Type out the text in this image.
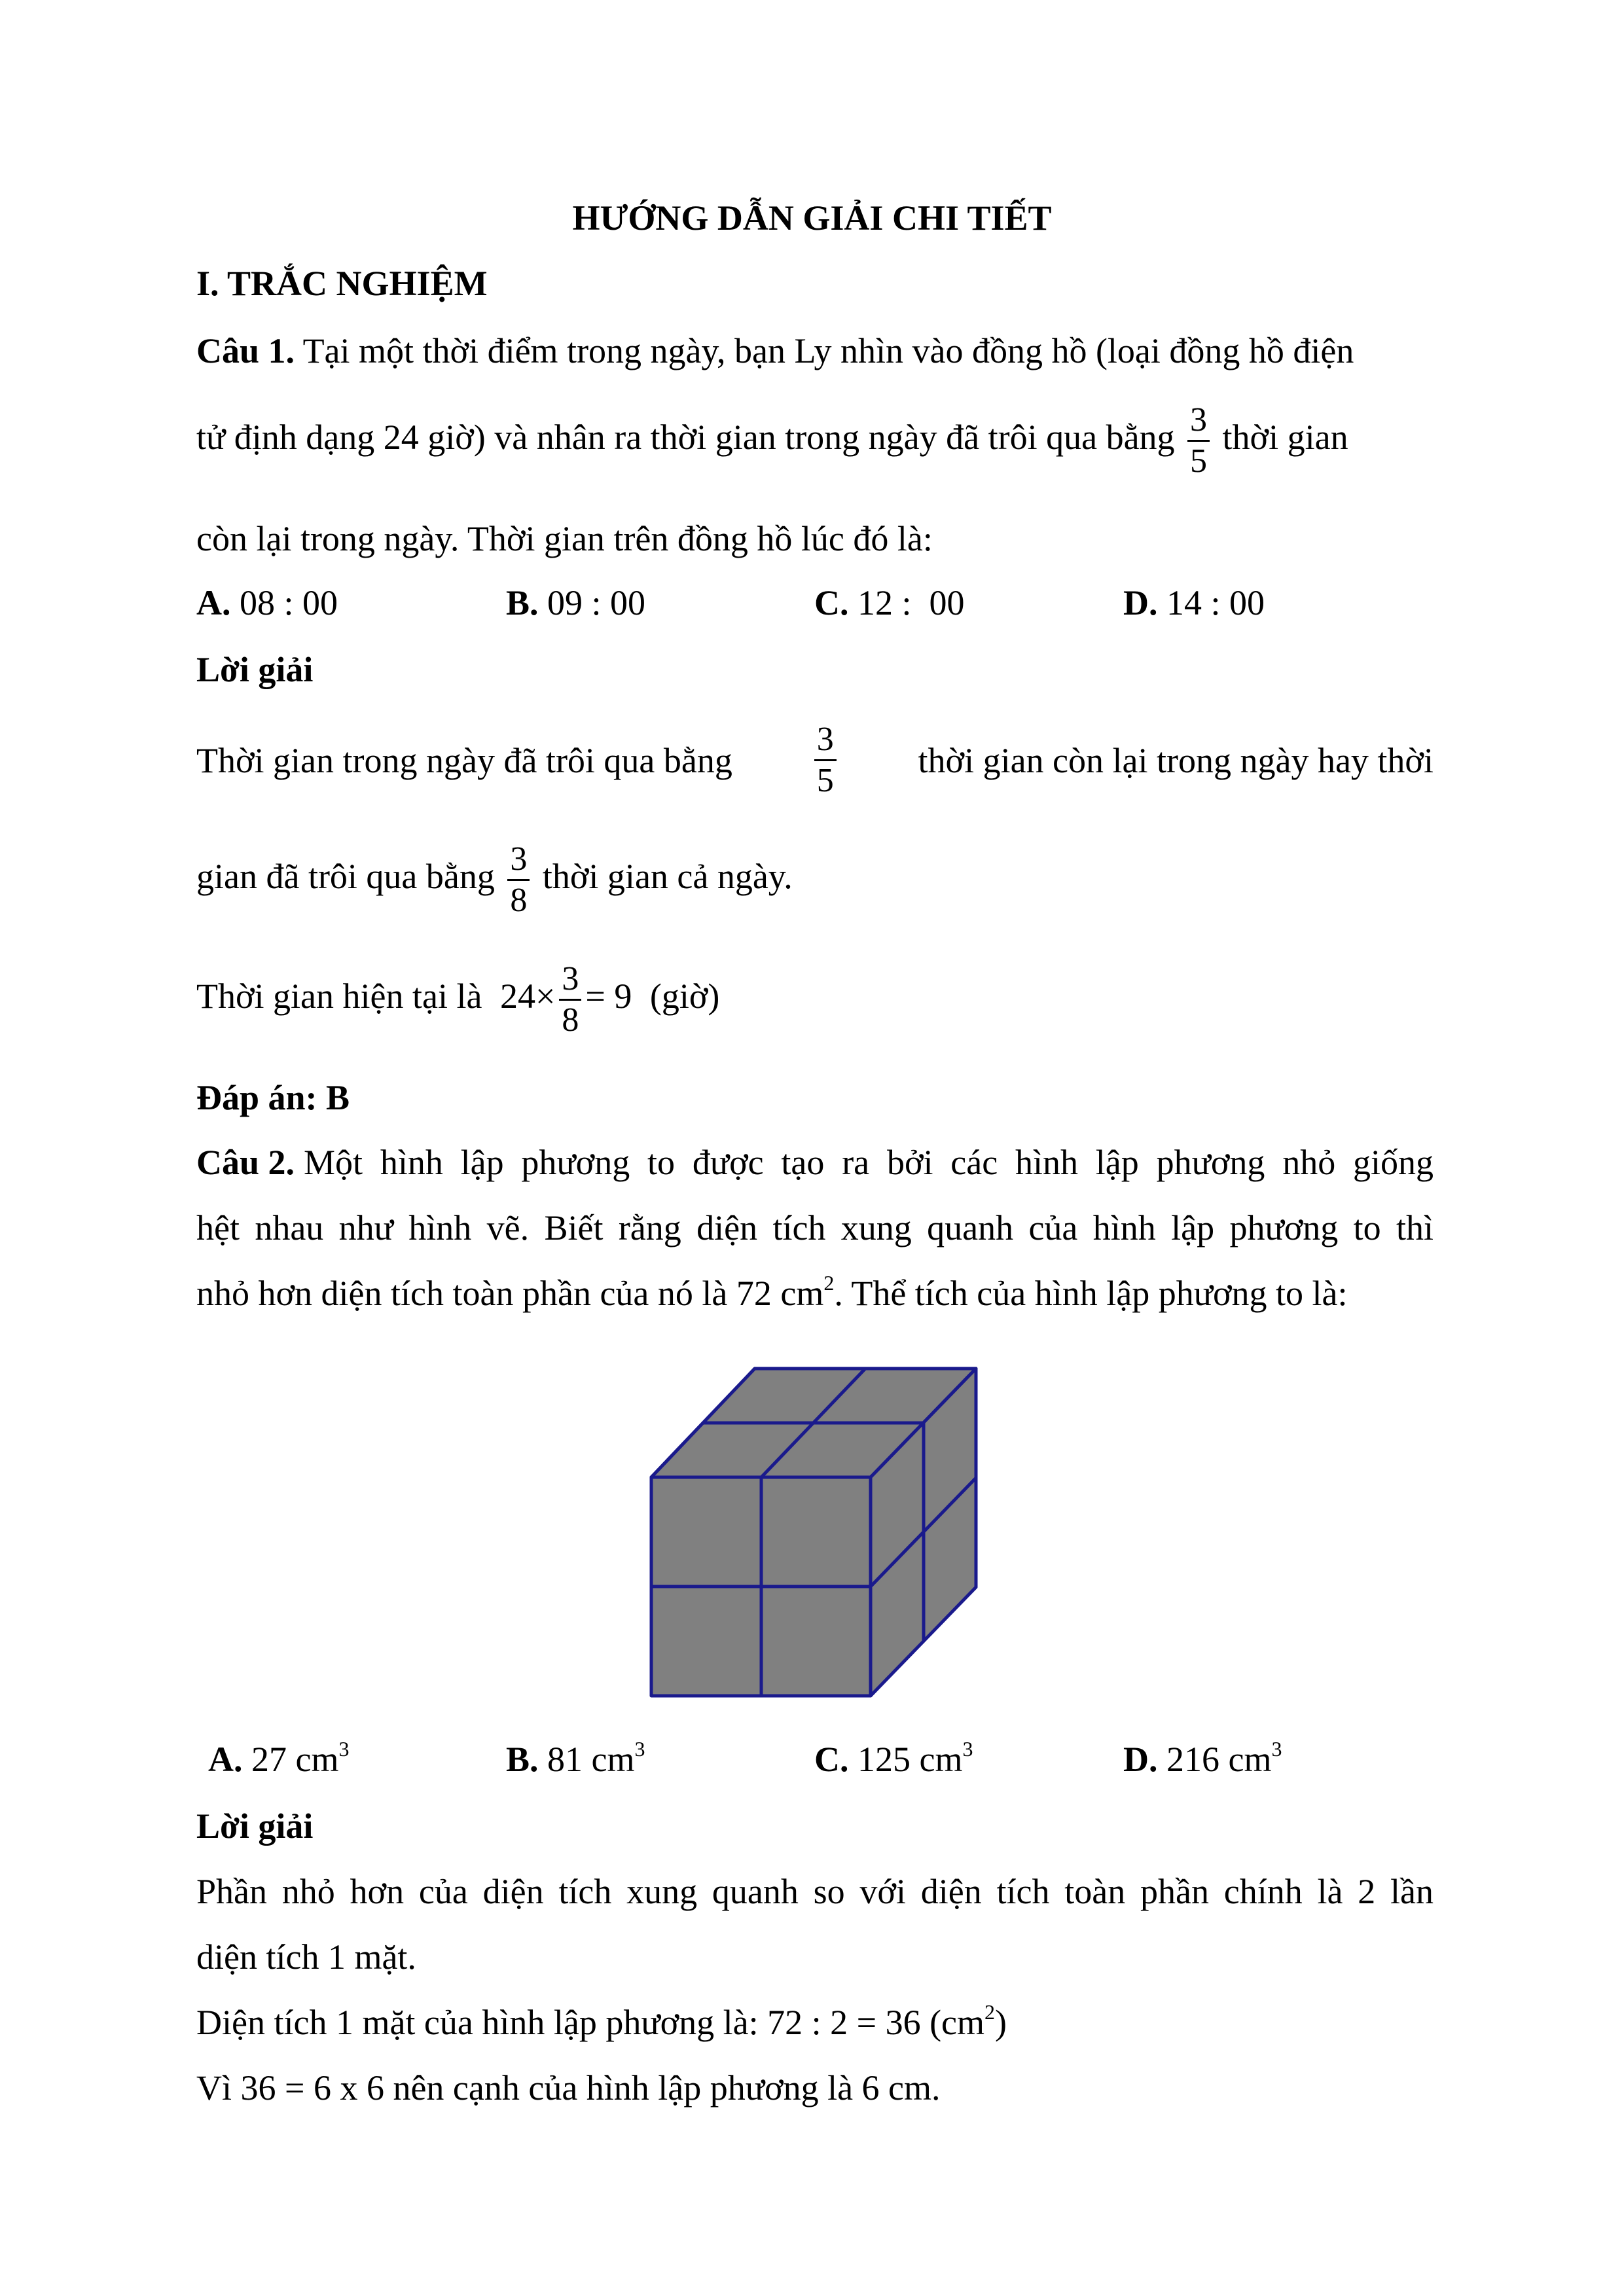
HƯỚNG DẪN GIẢI CHI TIẾT
I. TRẮC NGHIỆM
Câu 1. Tại một thời điểm trong ngày, bạn Ly nhìn vào đồng hồ (loại đồng hồ điện
tử định dạng 24 giờ) và nhân ra thời gian trong ngày đã trôi qua bằng $\frac{3}{5}$ thời gian
còn lại trong ngày. Thời gian trên đồng hồ lúc đó là:
A. 08 : 00	B. 09 : 00	C. 12 :  00	D. 14 : 00
Lời giải
Thời gian trong ngày đã trôi qua bằng $\frac{3}{5}$ thời gian còn lại trong ngày hay thời
gian đã trôi qua bằng $\frac{3}{8}$ thời gian cả ngày.
Thời gian hiện tại là $24\times \frac{3}{8} = 9$ (giờ)
Đáp án: B
Câu 2. Một hình lập phương to được tạo ra bởi các hình lập phương nhỏ giống
hệt nhau như hình vẽ. Biết rằng diện tích xung quanh của hình lập phương to thì
nhỏ hơn diện tích toàn phần của nó là 72 $cm^2$. Thể tích của hình lập phương to là:
A. 27 $cm^3$	B. 81 $cm^3$	C. 125 $cm^3$	D. 216 $cm^3$
Lời giải
Phần nhỏ hơn của diện tích xung quanh so với diện tích toàn phần chính là 2 lần
diện tích 1 mặt.
Diện tích 1 mặt của hình lập phương là: 72 : 2 = 36 $(cm^2)$
Vì 36 = 6 x 6 nên cạnh của hình lập phương là 6 cm.
